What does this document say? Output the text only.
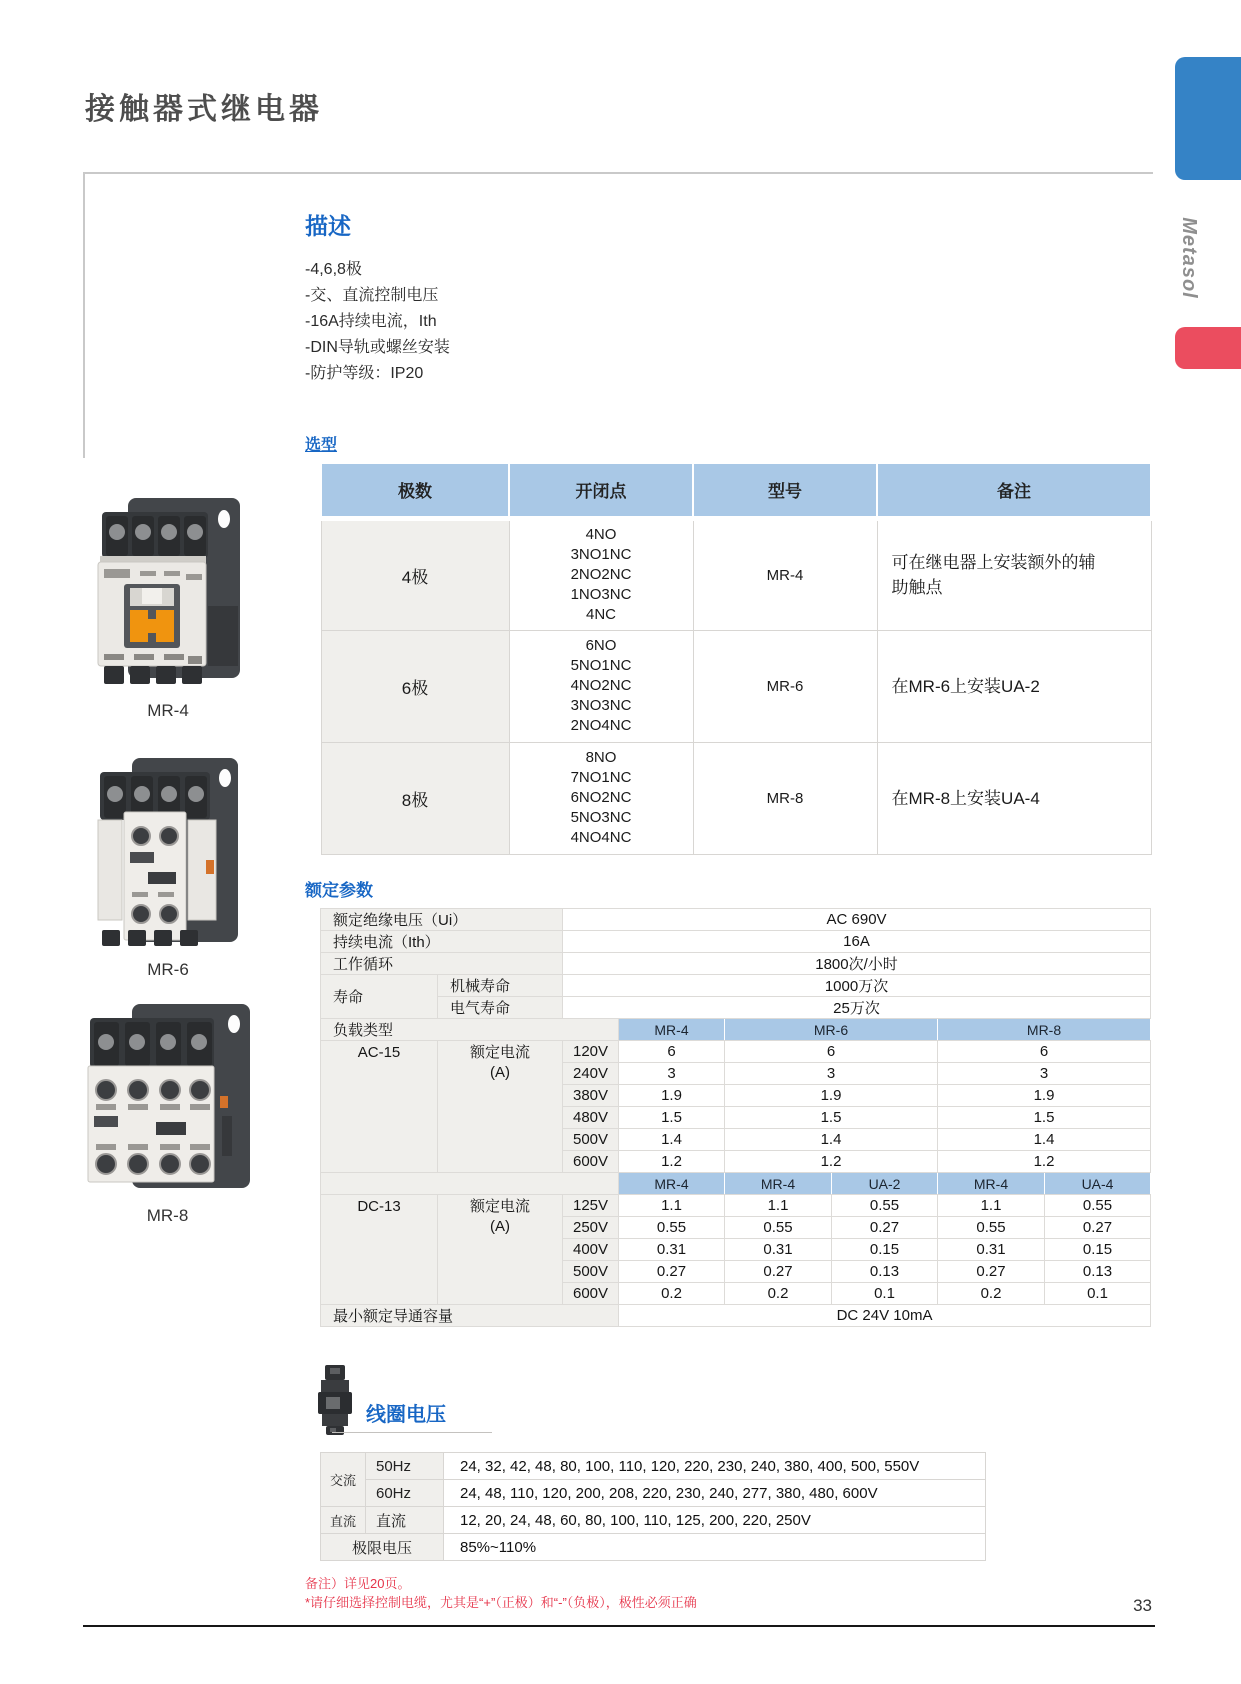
接触器式继电器
Metasol
描述
-4,6,8极
-交、直流控制电压
-16A持续电流，Ith
-DIN导轨或螺丝安装
-防护等级：IP20
MR-4
MR-6
MR-8
选型
极数	开闭点	型号	备注
4极	4NO
3NO1NC
2NO2NC
1NO3NC
4NC	MR-4	可在继电器上安装额外的辅助触点

6极	6NO
5NO1NC
4NO2NC
3NO3NC
2NO4NC	MR-6	在MR-6上安装UA-2

8极	8NO
7NO1NC
6NO2NC
5NO3NC
4NO4NC	MR-8	在MR-8上安装UA-4
额定参数
额定绝缘电压（Ui）		AC 690V					
持续电流（Ith）		16A					
工作循环		1800次/小时					
寿命	机械寿命	1000万次					
	电气寿命	25万次					
负载类型			MR-4	MR-6		MR-8	
AC-15	额定电流
(A)	120V	6	6		6	
		240V	3	3		3	
		380V	1.9	1.9		1.9	
		480V	1.5	1.5		1.5	
		500V	1.4	1.4		1.4	
		600V	1.2	1.2		1.2	
			MR-4	MR-4	UA-2	MR-4	UA-4
DC-13	额定电流
(A)	125V	1.1	1.1	0.55	1.1	0.55
		250V	0.55	0.55	0.27	0.55	0.27
		400V	0.31	0.31	0.15	0.31	0.15
		500V	0.27	0.27	0.13	0.27	0.13
		600V	0.2	0.2	0.1	0.2	0.1
最小额定导通容量			DC 24V 10mA				
线圈电压
交流	50Hz	24, 32, 42, 48, 80, 100, 110, 120, 220, 230, 240, 380, 400, 500, 550V
	60Hz	24, 48, 110, 120, 200, 208, 220, 230, 240, 277, 380, 480, 600V
直流	直流	12, 20, 24, 48, 60, 80, 100, 110, 125, 200, 220, 250V
极限电压		85%~110%
备注）详见20页。
*请仔细选择控制电缆，尤其是“+”（正极）和“-”（负极），极性必须正确	33
